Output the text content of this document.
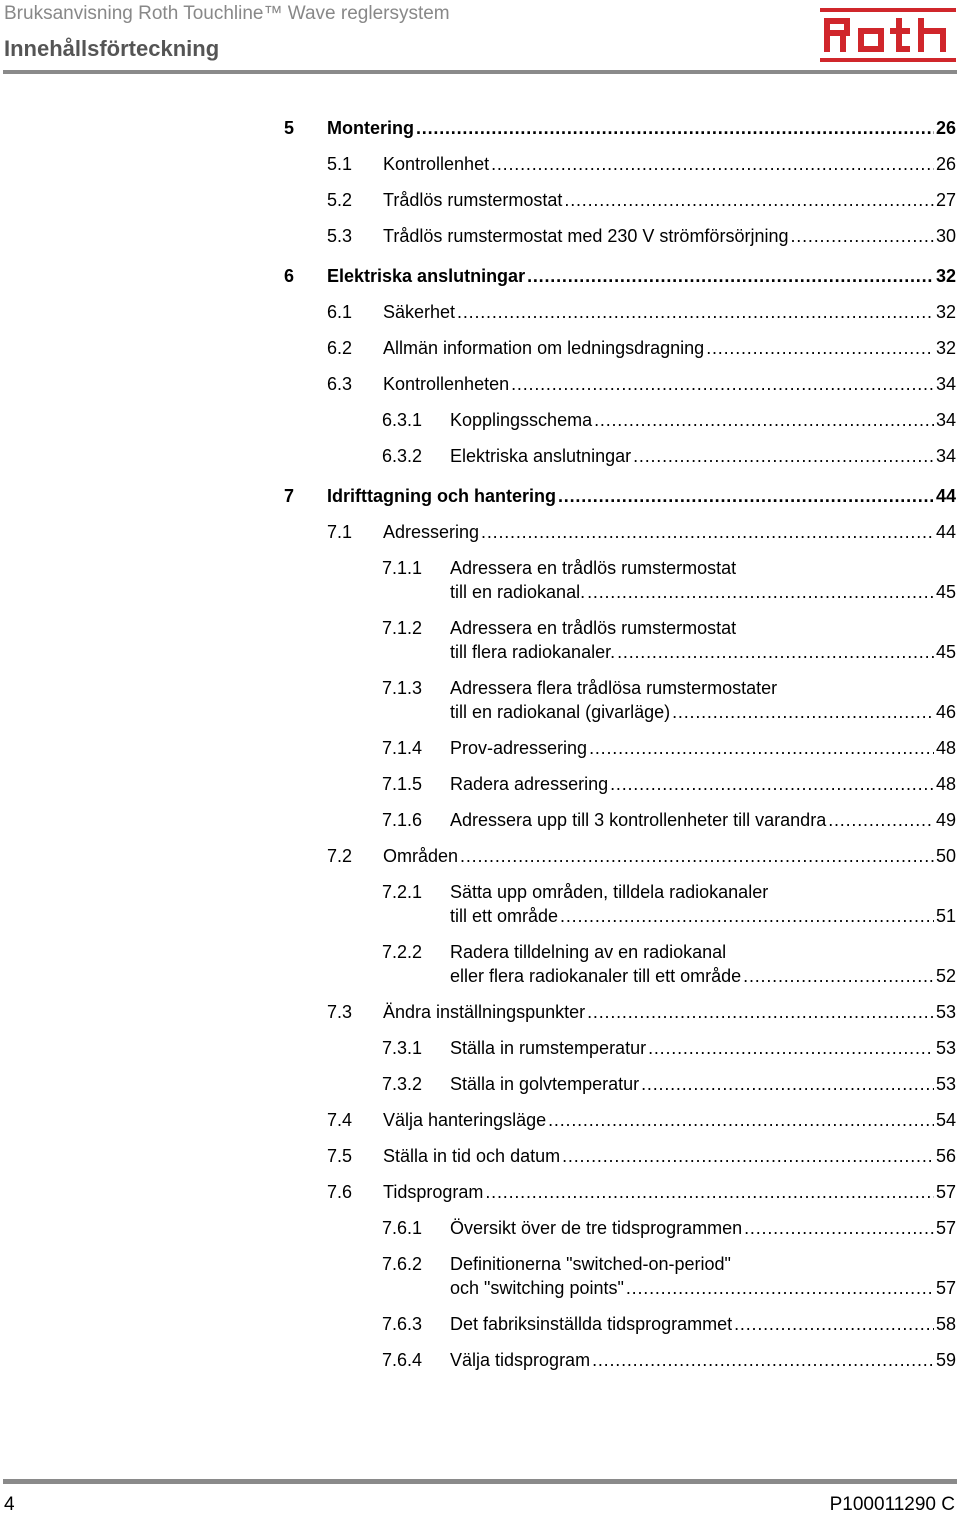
Bruksanvisning Roth Touchline™ Wave reglersystem
Innehållsförteckning
Roth
5 Montering . . .	26
5.1 Kontrollenhet . . .	26
5.2 Trådlös rumstermostat . . .	27
5.3 Trådlös rumstermostat med 230 V strömförsörjning . . .	30
6 Elektriska anslutningar . . .	32
6.1 Säkerhet . . .	32
6.2 Allmän information om ledningsdragning . . .	32
6.3 Kontrollenheten . . .	34
6.3.1 Kopplingsschema . . .	34
6.3.2 Elektriska anslutningar . . .	34
7 Idrifttagning och hantering . . .	44
7.1 Adressering . . .	44
7.1.1 Adressera en trådlös rumstermostat
till en radiokanal. . . .	45
7.1.2 Adressera en trådlös rumstermostat
till flera radiokanaler. . . .	45
7.1.3 Adressera flera trådlösa rumstermostater
till en radiokanal (givarläge) . . .	46
7.1.4 Prov-adressering . . .	48
7.1.5 Radera adressering . . .	48
7.1.6 Adressera upp till 3 kontrollenheter till varandra . . .	49
7.2 Områden . . .	50
7.2.1 Sätta upp områden, tilldela radiokanaler
till ett område . . .	51
7.2.2 Radera tilldelning av en radiokanal
eller flera radiokanaler till ett område . . .	52
7.3 Ändra inställningspunkter . . .	53
7.3.1 Ställa in rumstemperatur . . .	53
7.3.2 Ställa in golvtemperatur . . .	53
7.4 Välja hanteringsläge . . .	54
7.5 Ställa in tid och datum . . .	56
7.6 Tidsprogram . . .	57
7.6.1 Översikt över de tre tidsprogrammen . . .	57
7.6.2 Definitionerna "switched-on-period"
och "switching points" . . .	57
7.6.3 Det fabriksinställda tidsprogrammet . . .	58
7.6.4 Välja tidsprogram . . .	59
4	P100011290 C
